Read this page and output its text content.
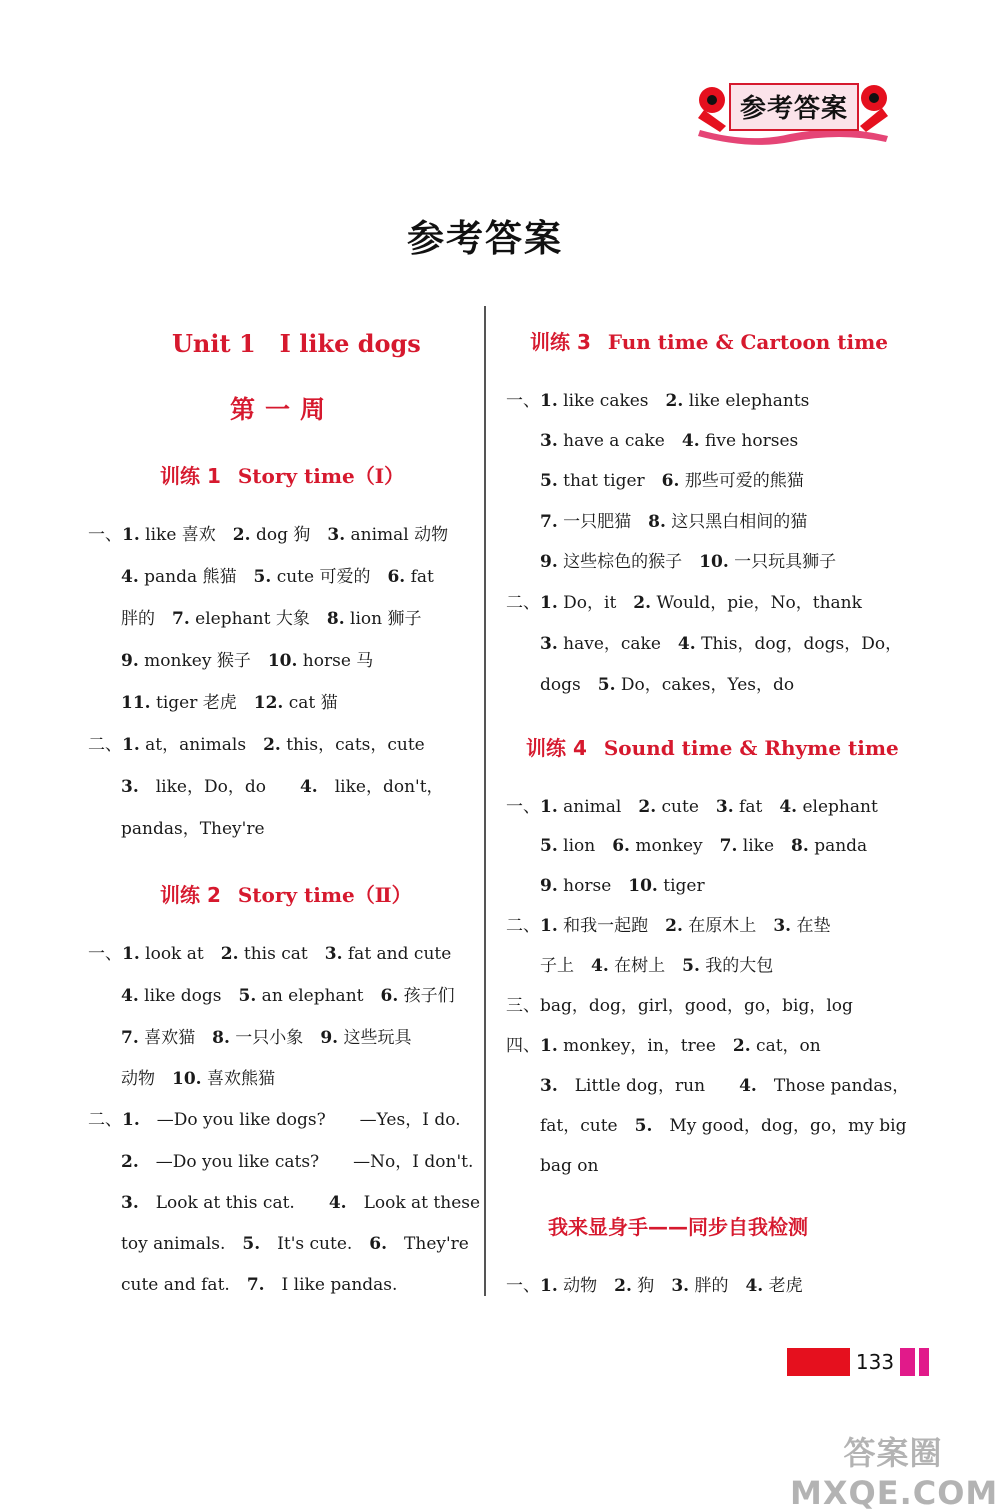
参考答案
参考答案
Unit 1　I like dogs
第一周
训练 1 Story time（Ⅰ）
一、1. like 喜欢　2. dog 狗　3. animal 动物
4. panda 熊猫　5. cute 可爱的　6. fat
胖的　7. elephant 大象　8. lion 狮子
9. monkey 猴子　10. horse 马
11. tiger 老虎　12. cat 猫
二、1. at，animals　2. this，cats，cute
3.　like，Do，do　　4.　like，don't，
pandas，They're
训练 2 Story time（Ⅱ）
一、1. look at　2. this cat　3. fat and cute
4. like dogs　5. an elephant　6. 孩子们
7. 喜欢猫　8. 一只小象　9. 这些玩具
动物　10. 喜欢熊猫
二、1.　—Do you like dogs?　　—Yes，I do.
2.　—Do you like cats?　　—No，I don't.
3.　Look at this cat.　　4.　Look at these
toy animals.　5.　It's cute.　6.　They're
cute and fat.　7.　I like pandas.
训练 3 Fun time & Cartoon time
一、1. like cakes　2. like elephants
3. have a cake　4. five horses
5. that tiger　6. 那些可爱的熊猫
7. 一只肥猫　8. 这只黑白相间的猫
9. 这些棕色的猴子　10. 一只玩具狮子
二、1. Do，it　2. Would，pie，No，thank
3. have，cake　4. This，dog，dogs，Do，
dogs　5. Do，cakes，Yes，do
训练 4 Sound time & Rhyme time
一、1. animal　2. cute　3. fat　4. elephant
5. lion　6. monkey　7. like　8. panda
9. horse　10. tiger
二、1. 和我一起跑　2. 在原木上　3. 在垫
子上　4. 在树上　5. 我的大包
三、bag，dog，girl，good，go，big，log
四、1. monkey，in，tree　2. cat，on
3.　Little dog，run　　4.　Those pandas，
fat，cute　5.　My good，dog，go，my big
bag on
我来显身手——同步自我检测
一、1. 动物　2. 狗　3. 胖的　4. 老虎
133
答案圈 MXQE.COM
